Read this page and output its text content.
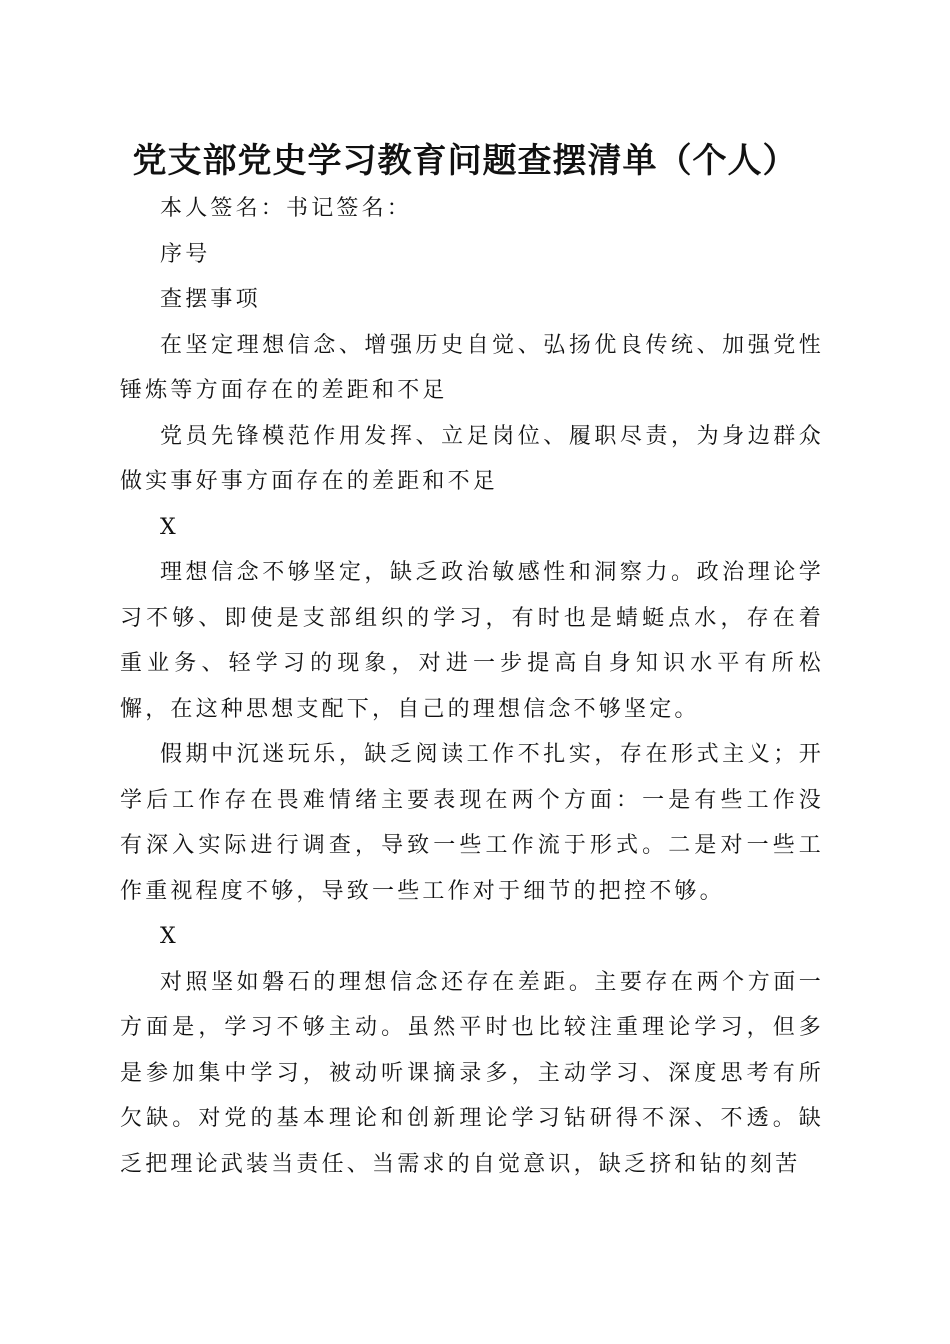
党支部党史学习教育问题查摆清单（个人）

本人签名：书记签名：

序号

查摆事项

在坚定理想信念、增强历史自觉、弘扬优良传统、加强党性锤炼等方面存在的差距和不足

党员先锋模范作用发挥、立足岗位、履职尽责，为身边群众做实事好事方面存在的差距和不足

X

理想信念不够坚定，缺乏政治敏感性和洞察力。政治理论学习不够、即使是支部组织的学习，有时也是蜻蜓点水，存在着重业务、轻学习的现象，对进一步提高自身知识水平有所松懈，在这种思想支配下，自己的理想信念不够坚定。

假期中沉迷玩乐，缺乏阅读工作不扎实，存在形式主义；开学后工作存在畏难情绪主要表现在两个方面：一是有些工作没有深入实际进行调查，导致一些工作流于形式。二是对一些工作重视程度不够，导致一些工作对于细节的把控不够。

X

对照坚如磐石的理想信念还存在差距。主要存在两个方面一方面是，学习不够主动。虽然平时也比较注重理论学习，但多是参加集中学习，被动听课摘录多，主动学习、深度思考有所欠缺。对党的基本理论和创新理论学习钻研得不深、不透。缺乏把理论武装当责任、当需求的自觉意识，缺乏挤和钻的刻苦
